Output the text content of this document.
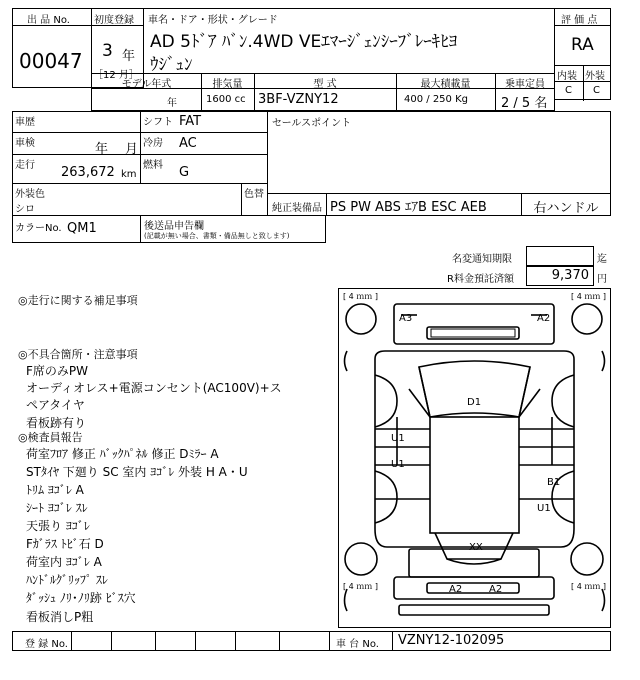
出 品 No.
00047
初度登録
3 年
［12 月］
車名・ドア・形状・グレード
AD 5ﾄﾞｱ ﾊﾞﾝ.4WD VEｴﾏｰｼﾞｪﾝｼｰﾌﾞﾚｰｷﾋﾖ
ｳｼﾞｭﾝ
評 価 点
RA
内装 外装
C C
モデル年式	排気量	型 式	最大積載量	乗車定員
年	1600 cc 3BF-VZNY12	400 / 250 Kg	2 / 5 名
車歴
車検	年 月
走行 263,672 km
シフト FAT
冷房 AC
燃料 G
セールスポイント
外装色
シロ
色替
純正装備品 PS PW ABS ｴｱB ESC AEB	右ハンドル
カラーNo. QM1	後送品申告欄
(記載が無い場合、書類・備品無しと致します)
名変通知期限	迄
R料金預託済額	9,370 円
◎走行に関する補足事項
◎不具合箇所・注意事項
F席のみPW
オーディオレス+電源コンセント(AC100V)+ス
ペアタイヤ
看板跡有り
◎検査員報告
荷室ﾌﾛｱ 修正 ﾊﾞｯｸﾊﾟﾈﾙ 修正 Dﾐﾗｰ A
STﾀｲﾔ 下廻り SC 室内 ﾖｺﾞﾚ 外装 H A・U
ﾄﾘﾑ ﾖｺﾞﾚ A
ｼｰﾄ ﾖｺﾞﾚ ｽﾚ
天張り ﾖｺﾞﾚ
Fｶﾞﾗｽ ﾄﾋﾞ石 D
荷室内 ﾖｺﾞﾚ A
ﾊﾝﾄﾞﾙｸﾞﾘｯﾌﾟ ｽﾚ
ﾀﾞｯｼｭ ﾉﾘ･ﾉﾘ跡 ﾋﾞｽ穴
看板消しP粗
[ 4 ｍｍ ]	[ 4 ｍｍ ]
[ 4 ｍｍ ]	[ 4 ｍｍ ]
A3	A2
D1
U1
U1
B1
U1
XX
A2	A2
登 録 No.	車 台 No. VZNY12-102095
